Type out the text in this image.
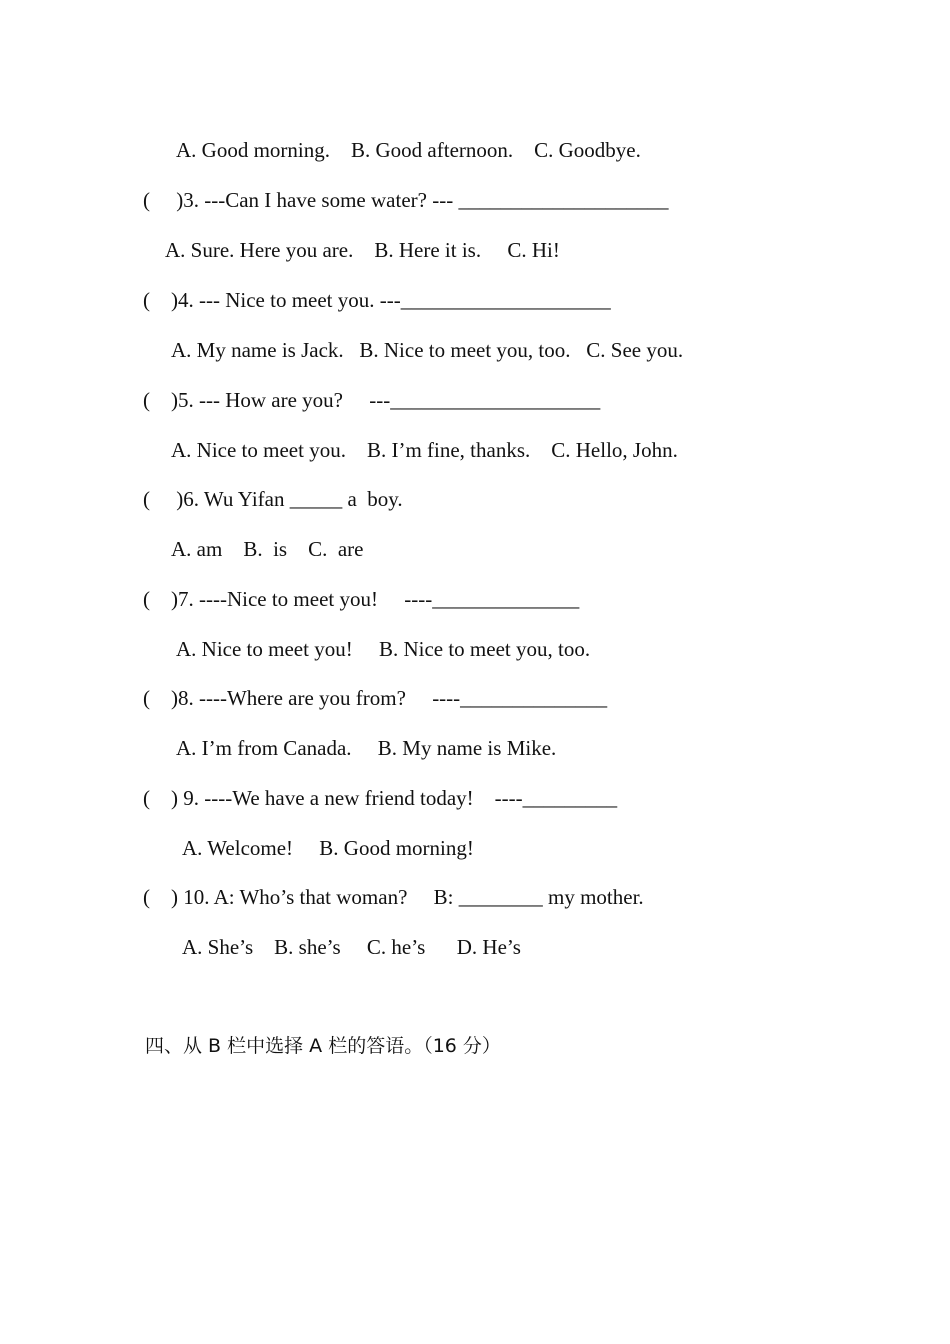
A. Good morning.    B. Good afternoon.    C. Goodbye.
(     )3. ---Can I have some water? --- ____________________
A. Sure. Here you are.    B. Here it is.     C. Hi!
(    )4. --- Nice to meet you. ---____________________
A. My name is Jack.   B. Nice to meet you, too.   C. See you.
(    )5. --- How are you?     ---____________________
A. Nice to meet you.    B. I’m fine, thanks.    C. Hello, John.
(     )6. Wu Yifan _____ a  boy.
A. am    B.  is    C.  are
(    )7. ----Nice to meet you!     ----______________
A. Nice to meet you!     B. Nice to meet you, too.
(    )8. ----Where are you from?     ----______________
A. I’m from Canada.     B. My name is Mike.
(    ) 9. ----We have a new friend today!    ----_________
A. Welcome!     B. Good morning!
(    ) 10. A: Who’s that woman?     B: ________ my mother.
A. She’s    B. she’s     C. he’s      D. He’s
四、从 B 栏中选择 A 栏的答语。（16 分）
